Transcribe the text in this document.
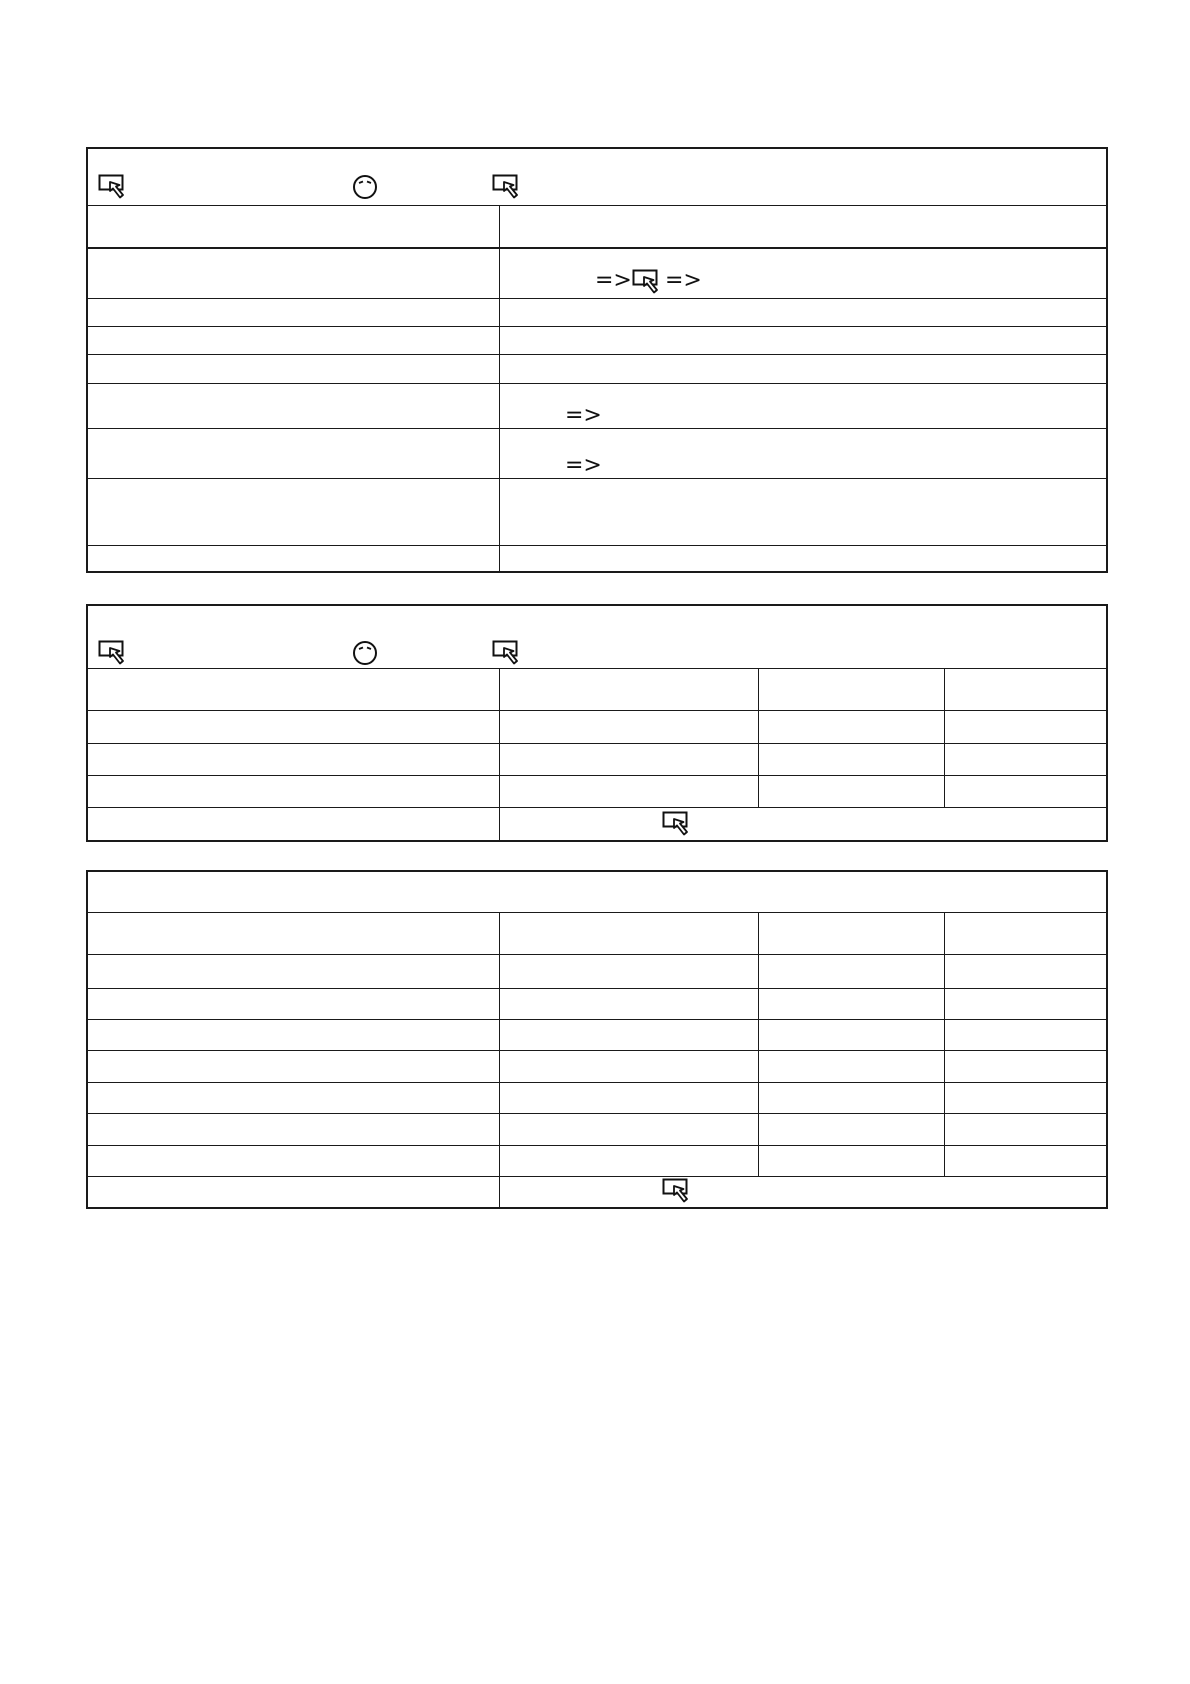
=> =>
=>
=>
